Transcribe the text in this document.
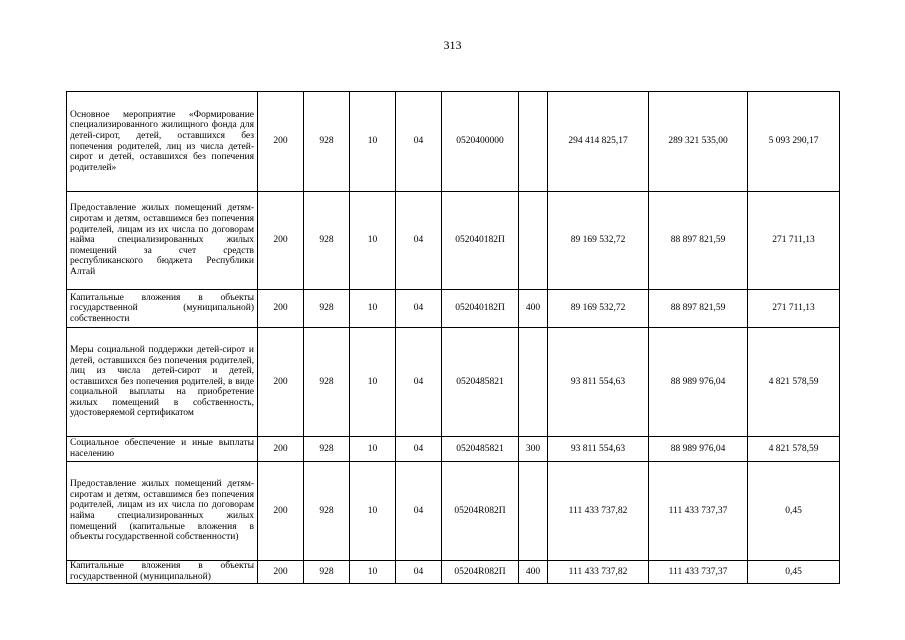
313
Основное мероприятие «Формирование специализированного жилищного фонда для детей-сирот, детей, оставшихся без попечения родителей, лиц из числа детей-сирот и детей, оставшихся без попечения родителей»	200	928	10	04	0520400000		294 414 825,17	289 321 535,00	5 093 290,17
Предоставление жилых помещений детям-сиротам и детям, оставшимся без попечения родителей, лицам из их числа по договорам найма специализированных жилых помещений за счет средств республиканского бюджета Республики Алтай	200	928	10	04	052040182П		89 169 532,72	88 897 821,59	271 711,13
Капитальные вложения в объекты государственной (муниципальной) собственности	200	928	10	04	052040182П	400	89 169 532,72	88 897 821,59	271 711,13
Меры социальной поддержки детей-сирот и детей, оставшихся без попечения родителей, лиц из числа детей-сирот и детей, оставшихся без попечения родителей, в виде социальной выплаты на приобретение жилых помещений в собственность, удостоверяемой сертификатом	200	928	10	04	0520485821		93 811 554,63	88 989 976,04	4 821 578,59
Социальное обеспечение и иные выплаты населению	200	928	10	04	0520485821	300	93 811 554,63	88 989 976,04	4 821 578,59
Предоставление жилых помещений детям-сиротам и детям, оставшимся без попечения родителей, лицам из их числа по договорам найма специализированных жилых помещений (капитальные вложения в объекты государственной собственности)	200	928	10	04	05204R082П		111 433 737,82	111 433 737,37	0,45
Капитальные вложения в объекты государственной (муниципальной)	200	928	10	04	05204R082П	400	111 433 737,82	111 433 737,37	0,45
